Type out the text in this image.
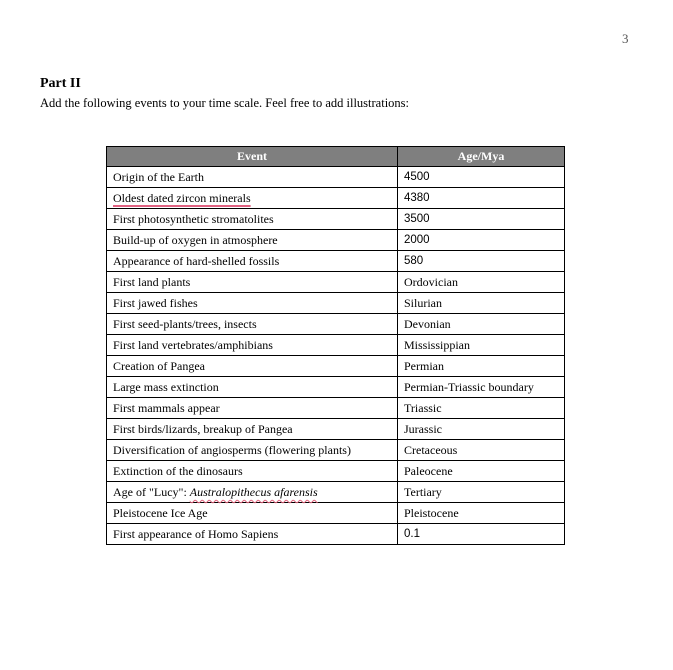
3
Part II
Add the following events to your time scale. Feel free to add illustrations:
Event	Age/Mya
Origin of the Earth	4500
Oldest dated zircon minerals	4380
First photosynthetic stromatolites	3500
Build-up of oxygen in atmosphere	2000
Appearance of hard-shelled fossils	580
First land plants	Ordovician
First jawed fishes	Silurian
First seed-plants/trees, insects	Devonian
First land vertebrates/amphibians	Mississippian
Creation of Pangea	Permian
Large mass extinction	Permian-Triassic boundary
First mammals appear	Triassic
First birds/lizards, breakup of Pangea	Jurassic
Diversification of angiosperms (flowering plants)	Cretaceous
Extinction of the dinosaurs	Paleocene
Age of "Lucy": Australopithecus afarensis	Tertiary
Pleistocene Ice Age	Pleistocene
First appearance of Homo Sapiens	0.1
